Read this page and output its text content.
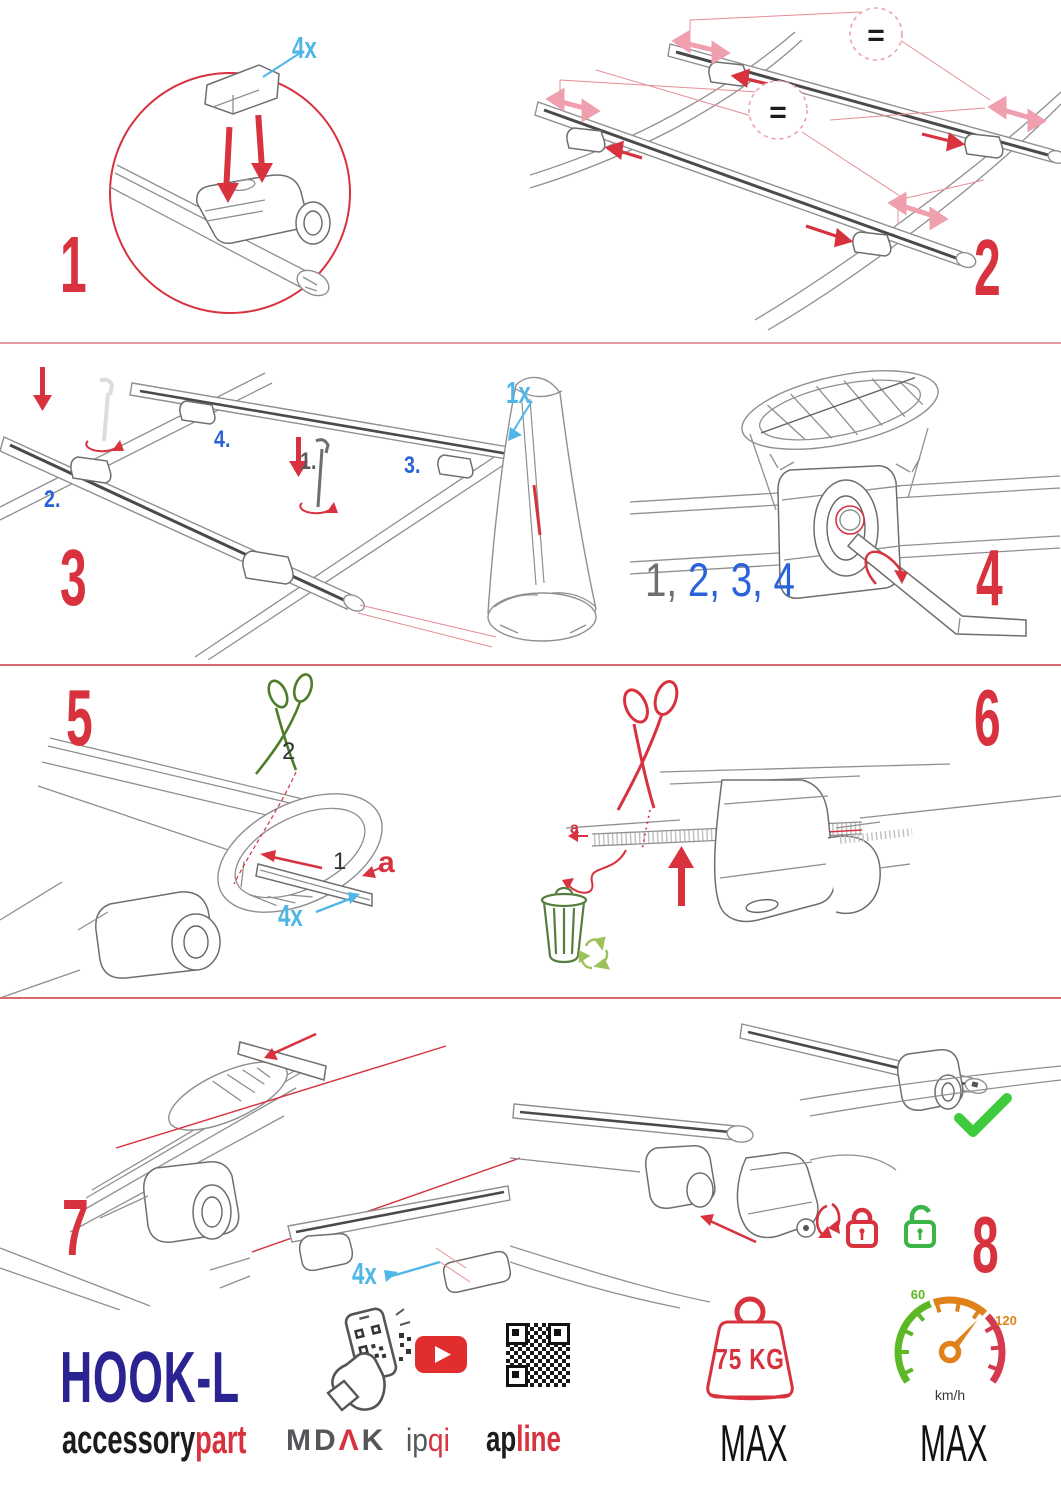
4x
1
=
=
2
1.
2.
3.
4.
1x
3	1, 2, 3, 4 4
2
1 a
4x
5
a
6
4x
7	8
HOOK-L
accessorypart MDΛK ipqi apline
75 KG
MAX
60
120
km/h
MAX
